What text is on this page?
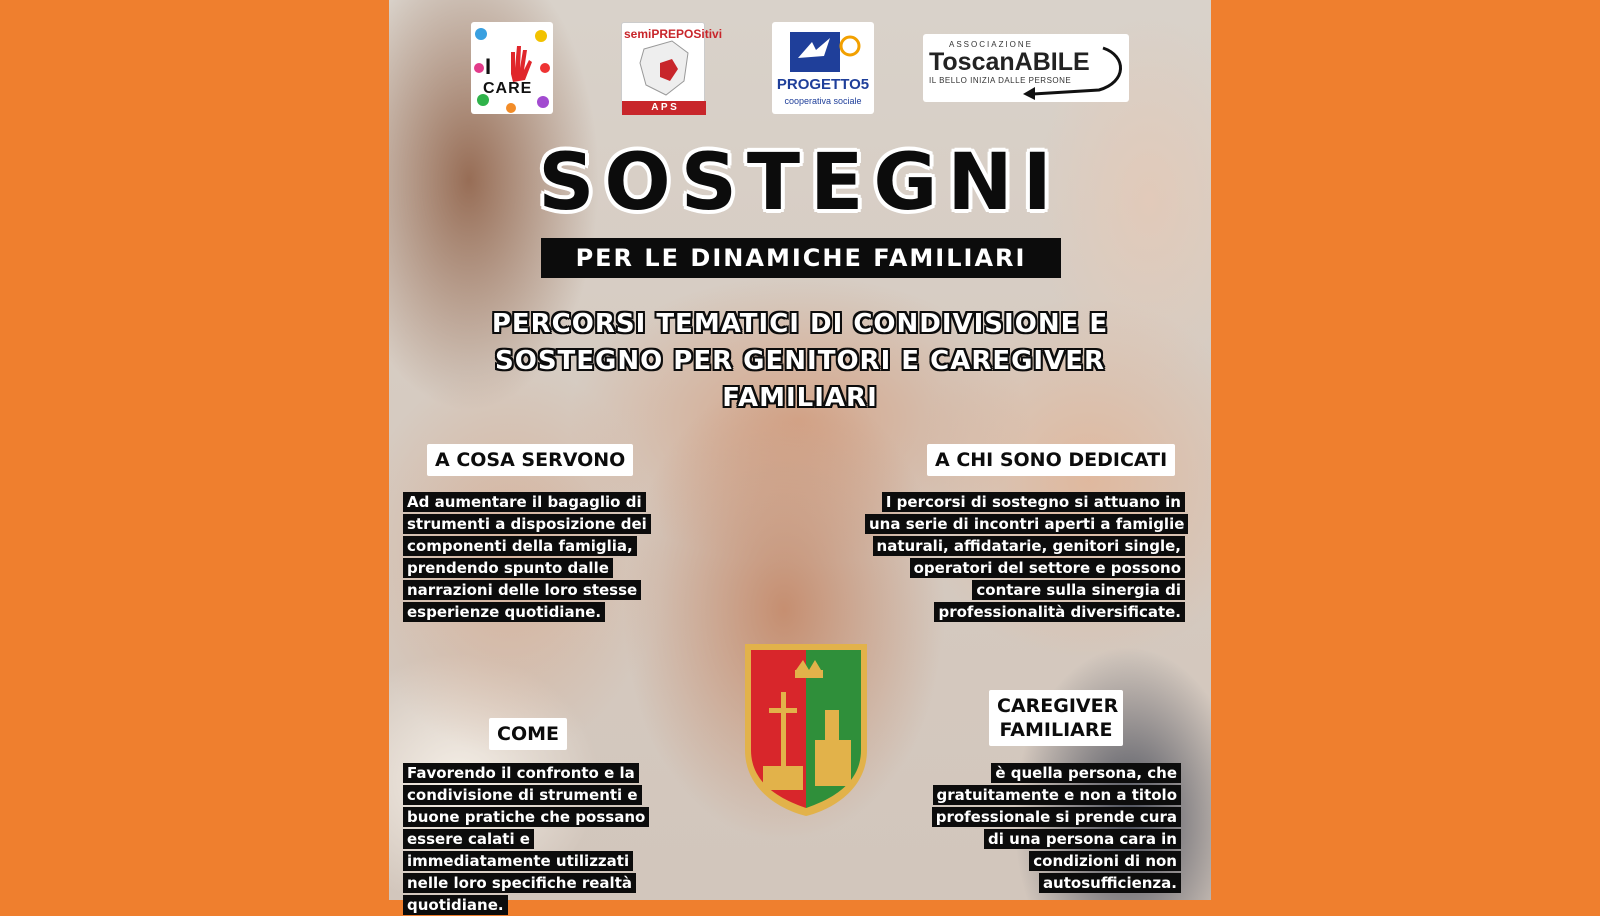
I
CARE
semiPREPOSitivi
A P S
PROGETTO5
cooperativa sociale
ASSOCIAZIONE
ToscanABILE
IL BELLO INIZIA DALLE PERSONE
SOSTEGNI
PER LE DINAMICHE FAMILIARI
PERCORSI TEMATICI DI CONDIVISIONE E
SOSTEGNO PER GENITORI E CAREGIVER
FAMILIARI
A COSA SERVONO
Ad aumentare il bagaglio di strumenti a disposizione dei componenti della famiglia, prendendo spunto dalle narrazioni delle loro stesse esperienze quotidiane.
A CHI SONO DEDICATI
I percorsi di sostegno si attuano in una serie di incontri aperti a famiglie naturali, affidatarie, genitori single, operatori del settore e possono contare sulla sinergia di professionalità diversificate.
COME
Favorendo il confronto e la condivisione di strumenti e buone pratiche che possano essere calati e immediatamente utilizzati nelle loro specifiche realtà quotidiane.
CAREGIVER
FAMILIARE
è quella persona, che gratuitamente e non a titolo professionale si prende cura di una persona cara in condizioni di non autosufficienza.
